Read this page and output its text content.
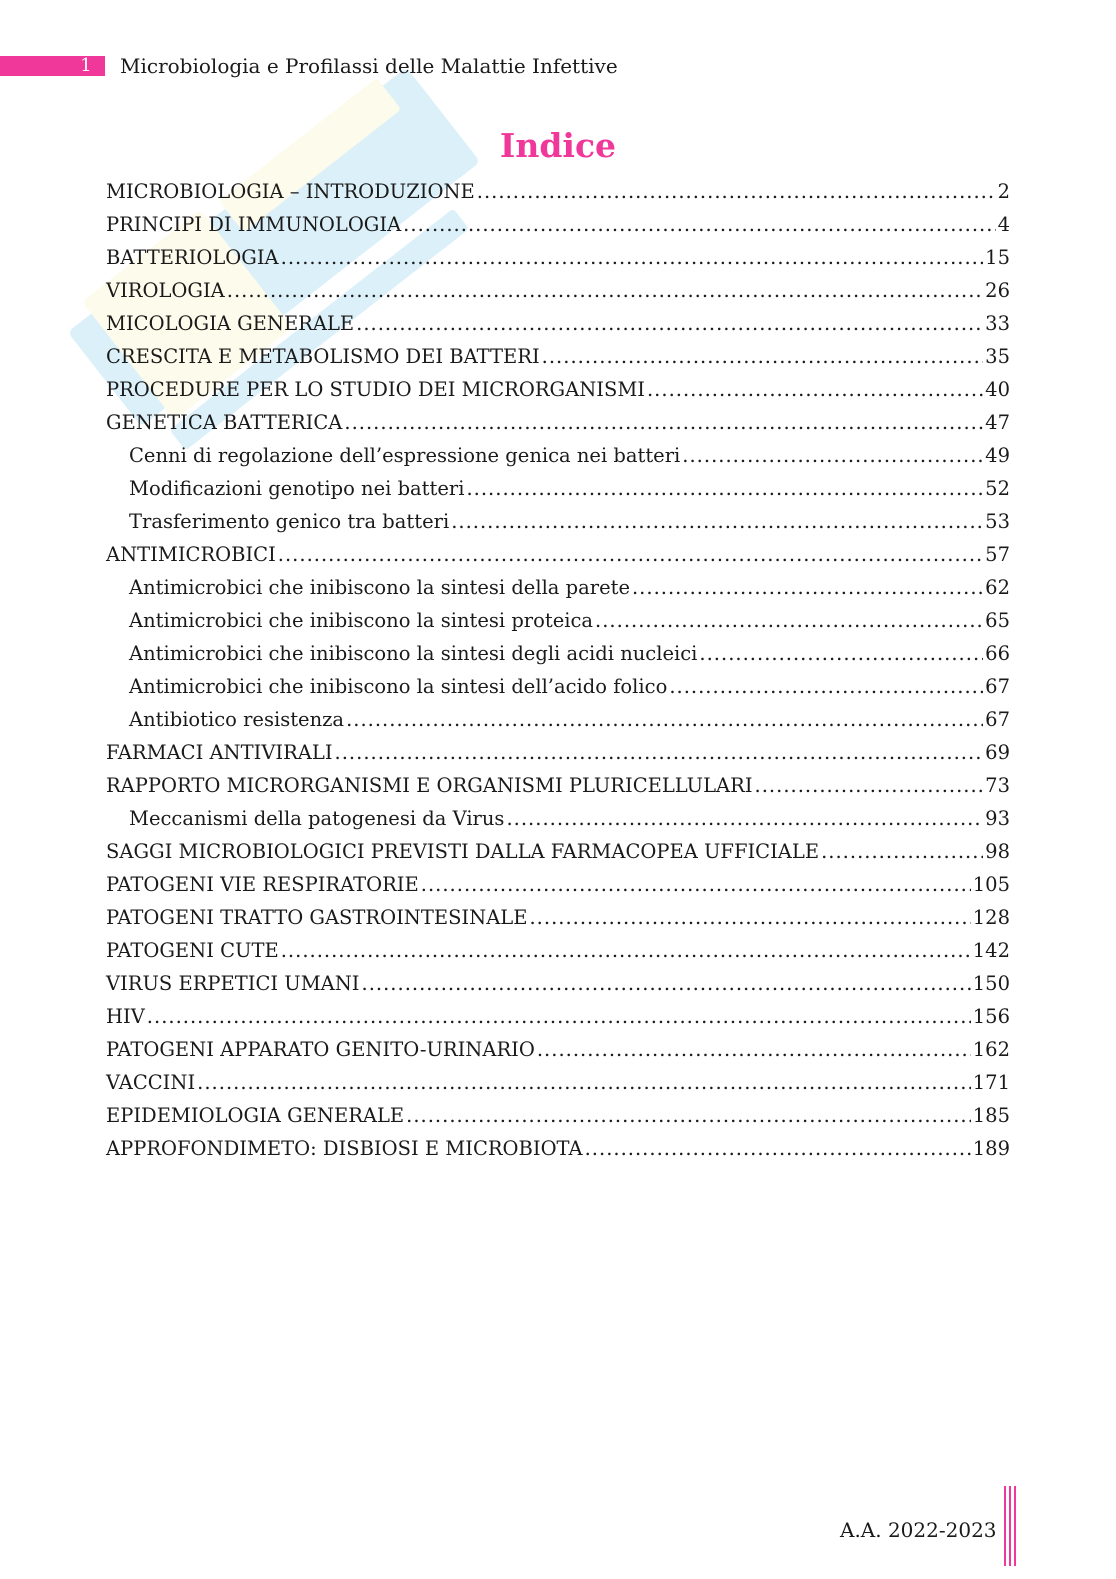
1 Microbiologia e Profilassi delle Malattie Infettive
Indice
MICROBIOLOGIA – INTRODUZIONE .....	2
PRINCIPI DI IMMUNOLOGIA .....	4
BATTERIOLOGIA .....	15
VIROLOGIA .....	26
MICOLOGIA GENERALE .....	33
CRESCITA E METABOLISMO DEI BATTERI .....	35
PROCEDURE PER LO STUDIO DEI MICRORGANISMI .....	40
GENETICA BATTERICA .....	47
Cenni di regolazione dell’espressione genica nei batteri .....	49
Modificazioni genotipo nei batteri .....	52
Trasferimento genico tra batteri .....	53
ANTIMICROBICI .....	57
Antimicrobici che inibiscono la sintesi della parete .....	62
Antimicrobici che inibiscono la sintesi proteica .....	65
Antimicrobici che inibiscono la sintesi degli acidi nucleici .....	66
Antimicrobici che inibiscono la sintesi dell’acido folico .....	67
Antibiotico resistenza .....	67
FARMACI ANTIVIRALI .....	69
RAPPORTO MICRORGANISMI E ORGANISMI PLURICELLULARI .....	73
Meccanismi della patogenesi da Virus .....	93
SAGGI MICROBIOLOGICI PREVISTI DALLA FARMACOPEA UFFICIALE .....	98
PATOGENI VIE RESPIRATORIE .....	105
PATOGENI TRATTO GASTROINTESINALE .....	128
PATOGENI CUTE .....	142
VIRUS ERPETICI UMANI .....	150
HIV .....	156
PATOGENI APPARATO GENITO-URINARIO .....	162
VACCINI .....	171
EPIDEMIOLOGIA GENERALE .....	185
APPROFONDIMETO: DISBIOSI E MICROBIOTA .....	189
A.A. 2022-2023
